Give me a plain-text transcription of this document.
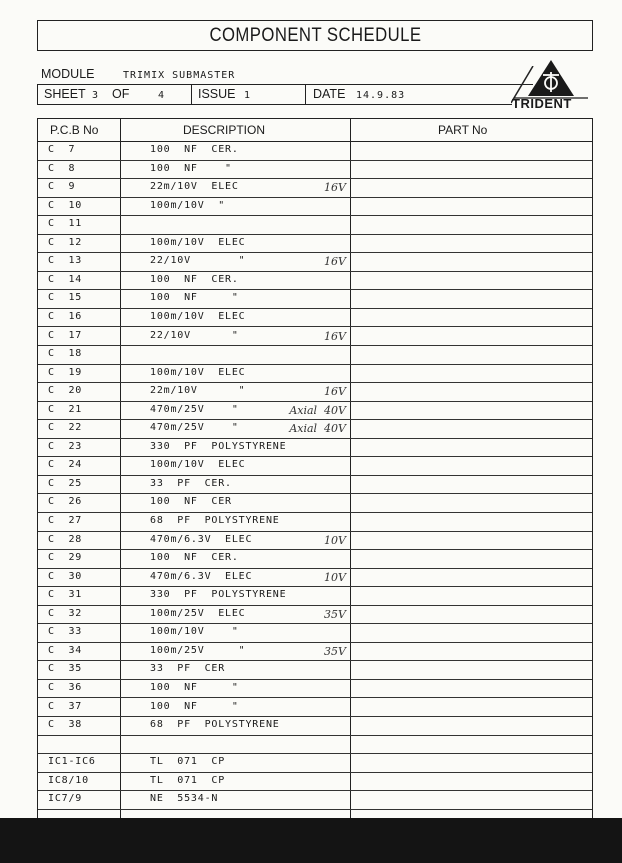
COMPONENT SCHEDULE
MODULE	TRIMIX SUBMASTER
SHEET 3 OF	4	ISSUE 1	DATE 14.9.83
TRIDENT
P.C.B No	DESCRIPTION	PART No
C  7	100  NF  CER.
C  8	100  NF    "
C  9	22m/10V  ELEC	16V
C  10	100m/10V  "
C  11
C  12	100m/10V  ELEC
C  13	22/10V       "	16V
C  14	100  NF  CER.
C  15	100  NF     "
C  16	100m/10V  ELEC
C  17	22/10V      "	16V
C  18
C  19	100m/10V  ELEC
C  20	22m/10V      "	16V
C  21	470m/25V    "	Axial  40V
C  22	470m/25V    "	Axial  40V
C  23	330  PF  POLYSTYRENE
C  24	100m/10V  ELEC
C  25	33  PF  CER.
C  26	100  NF  CER
C  27	68  PF  POLYSTYRENE
C  28	470m/6.3V  ELEC	10V
C  29	100  NF  CER.
C  30	470m/6.3V  ELEC	10V
C  31	330  PF  POLYSTYRENE
C  32	100m/25V  ELEC	35V
C  33	100m/10V    "
C  34	100m/25V     "	35V
C  35	33  PF  CER
C  36	100  NF     "
C  37	100  NF     "
C  38	68  PF  POLYSTYRENE
IC1-IC6	TL  071  CP
IC8/10	TL  071  CP
IC7/9	NE  5534-N
